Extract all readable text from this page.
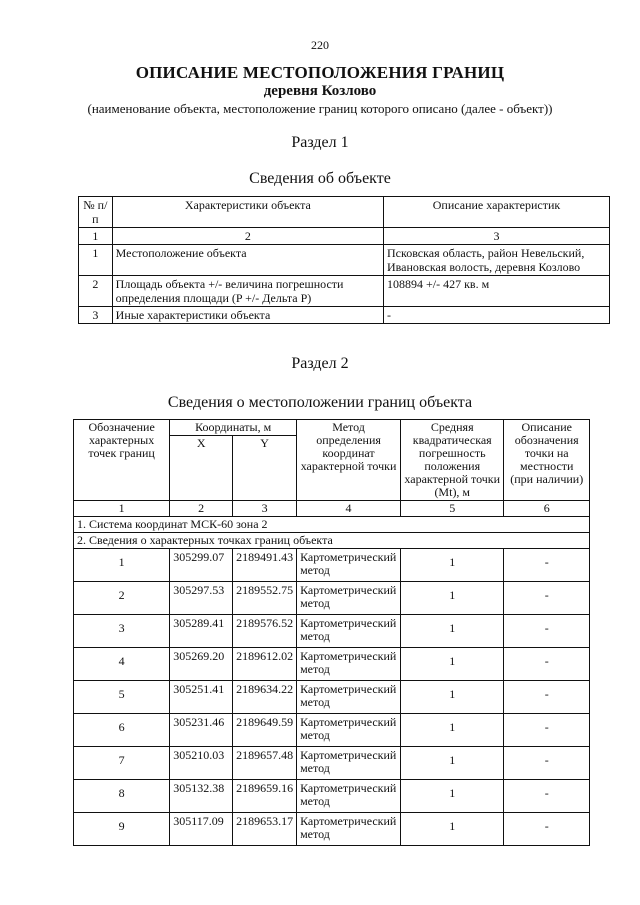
220
ОПИСАНИЕ МЕСТОПОЛОЖЕНИЯ ГРАНИЦ
деревня Козлово
(наименование объекта, местоположение границ которого описано (далее - объект))
Раздел 1
Сведения об объекте
№ п/п	Характеристики объекта	Описание характеристик
1	2	3
1	Местоположение объекта	Псковская область, район Невельский, Ивановская волость, деревня Козлово
2	Площадь объекта +/- величина погрешности определения площади (P +/- Дельта P)	108894 +/- 427 кв. м
3	Иные характеристики объекта	-
Раздел 2
Сведения о местоположении границ объекта
Обозначение характерных точек границ	Координаты, м		Метод определения координат характерной точки	Средняя квадратическая погрешность положения характерной точки (Mt), м	Описание обозначения точки на местности (при наличии)
	X	Y			
1	2	3	4	5	6
1. Система координат МСК-60 зона 2					
2. Сведения о характерных точках границ объекта					
1	305299.07	2189491.43	Картометрический метод	1	-
2	305297.53	2189552.75	Картометрический метод	1	-
3	305289.41	2189576.52	Картометрический метод	1	-
4	305269.20	2189612.02	Картометрический метод	1	-
5	305251.41	2189634.22	Картометрический метод	1	-
6	305231.46	2189649.59	Картометрический метод	1	-
7	305210.03	2189657.48	Картометрический метод	1	-
8	305132.38	2189659.16	Картометрический метод	1	-
9	305117.09	2189653.17	Картометрический метод	1	-
